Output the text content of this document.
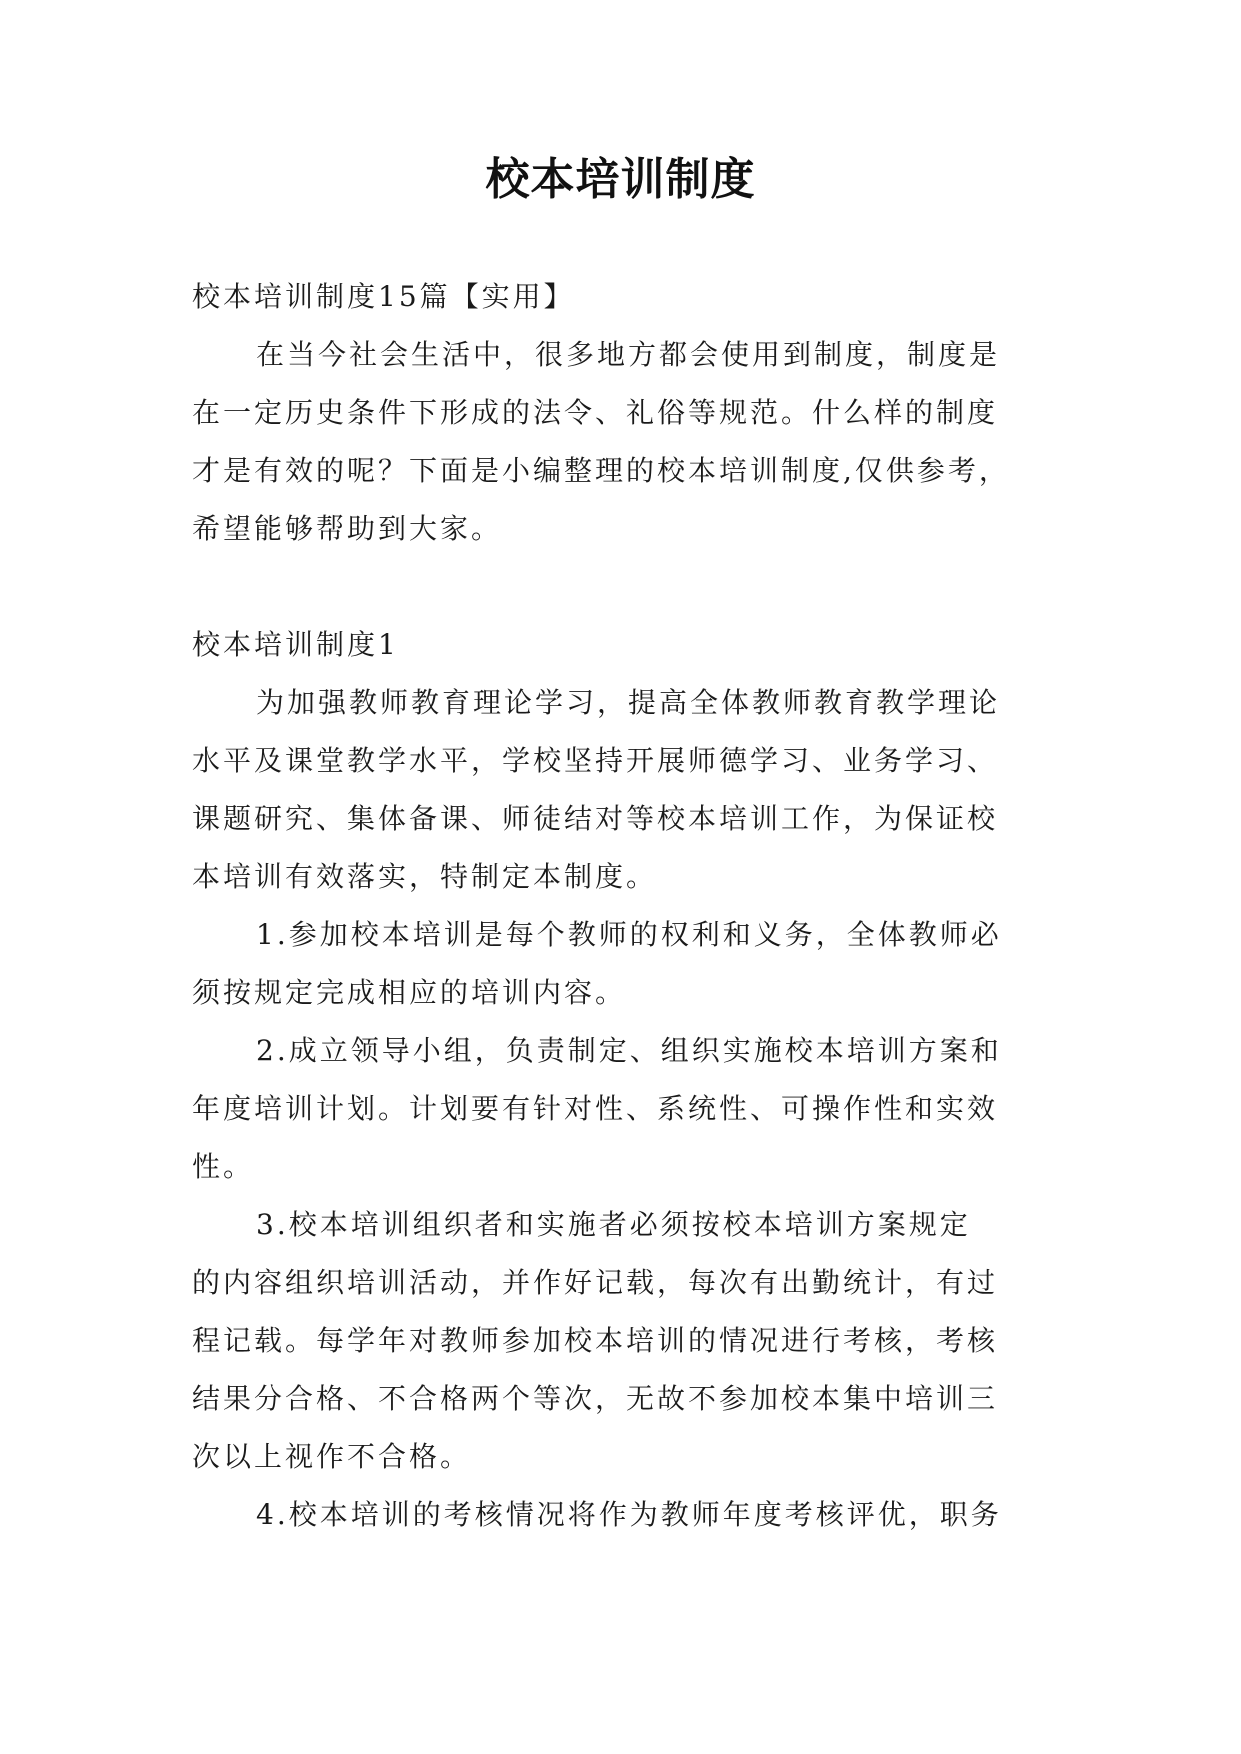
校本培训制度
校本培训制度15篇【实用】
在当今社会生活中，很多地方都会使用到制度，制度是
在一定历史条件下形成的法令、礼俗等规范。什么样的制度
才是有效的呢？下面是小编整理的校本培训制度,仅供参考，
希望能够帮助到大家。
校本培训制度1
为加强教师教育理论学习，提高全体教师教育教学理论
水平及课堂教学水平，学校坚持开展师德学习、业务学习、
课题研究、集体备课、师徒结对等校本培训工作，为保证校
本培训有效落实，特制定本制度。
1.参加校本培训是每个教师的权利和义务，全体教师必
须按规定完成相应的培训内容。
2.成立领导小组，负责制定、组织实施校本培训方案和
年度培训计划。计划要有针对性、系统性、可操作性和实效
性。
3.校本培训组织者和实施者必须按校本培训方案规定
的内容组织培训活动，并作好记载，每次有出勤统计，有过
程记载。每学年对教师参加校本培训的情况进行考核，考核
结果分合格、不合格两个等次，无故不参加校本集中培训三
次以上视作不合格。
4.校本培训的考核情况将作为教师年度考核评优，职务
